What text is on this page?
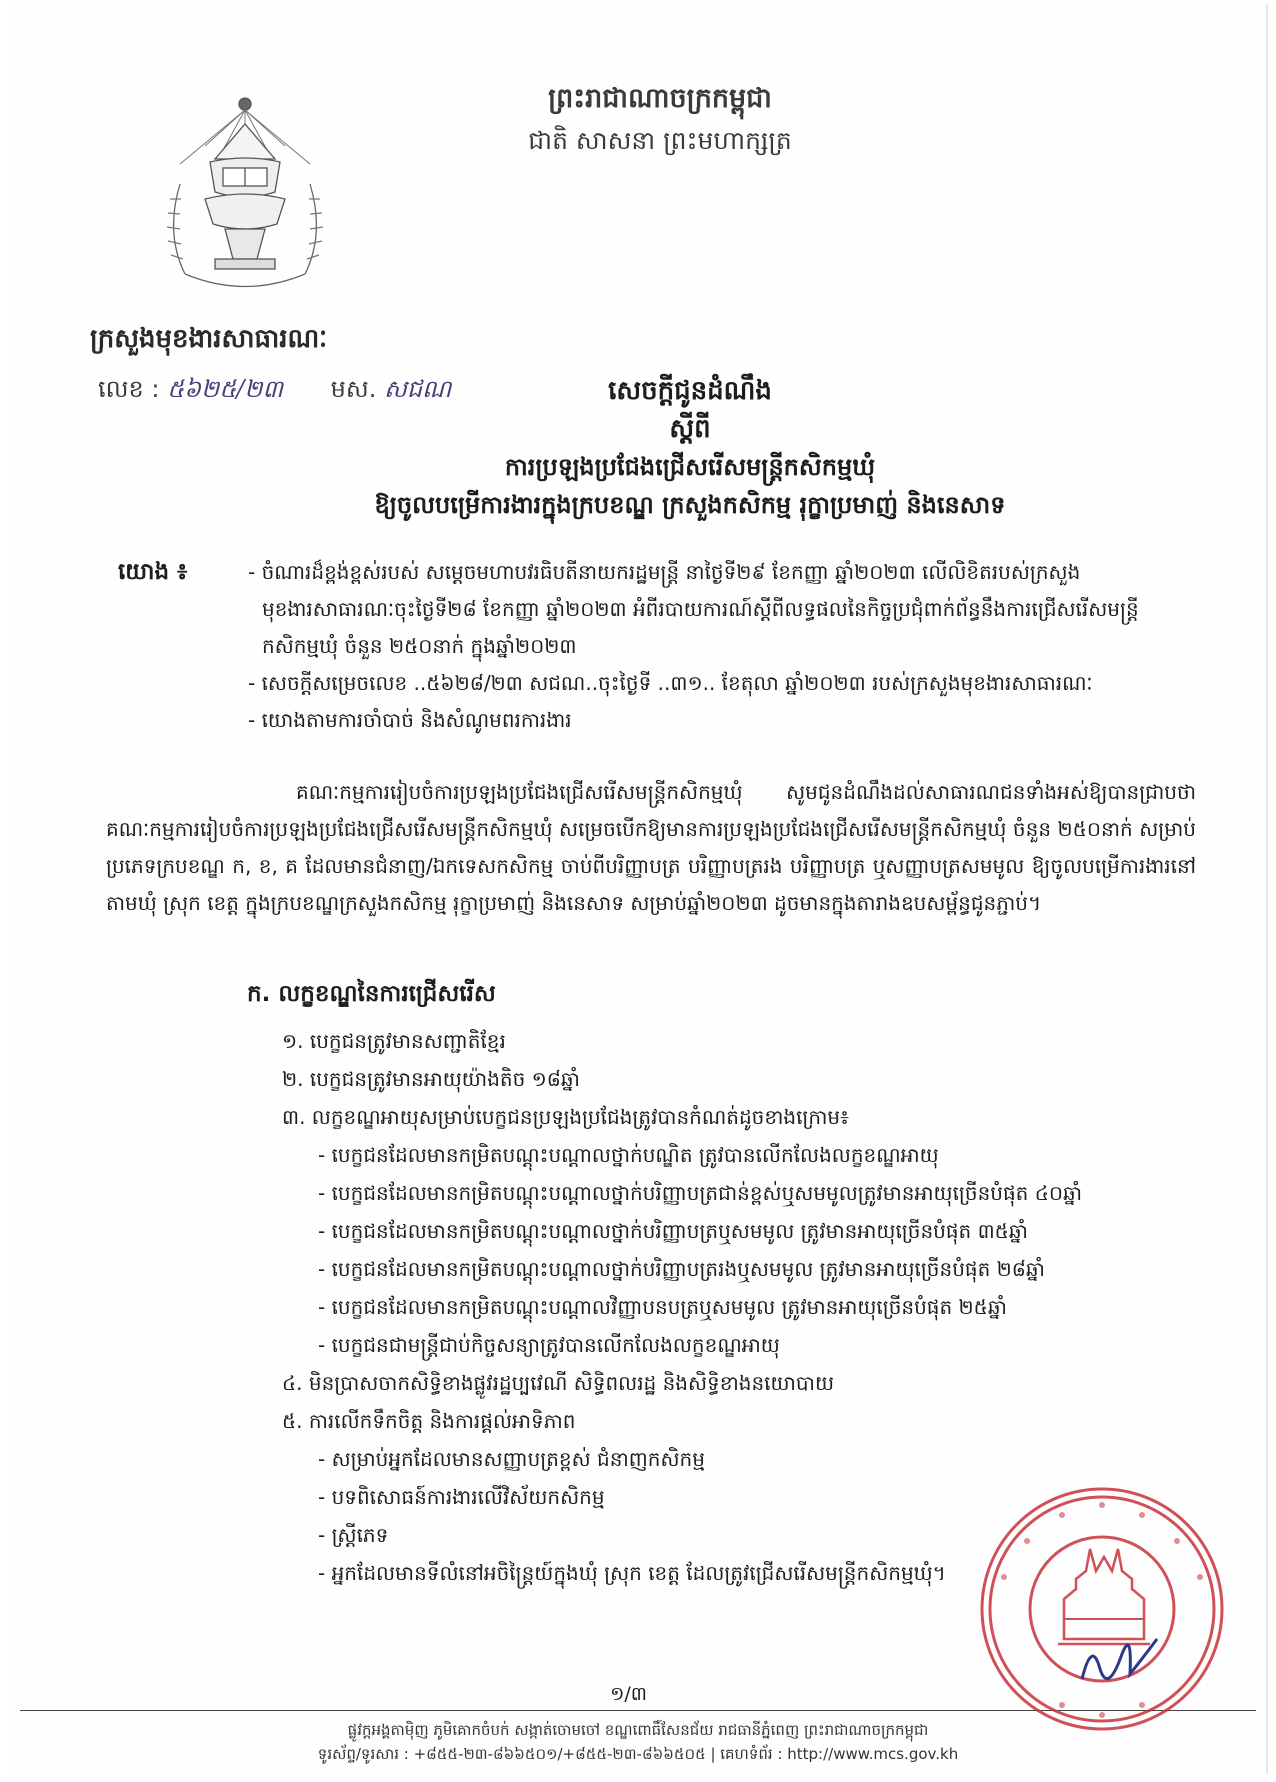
ព្រះរាជាណាចក្រកម្ពុជា
ជាតិ សាសនា ព្រះមហាក្សត្រ
ក្រសួងមុខងារសាធារណៈ
លេខ : ៥៦២៥/២៣ មស. សជណ	សេចក្តីជូនដំណឹង
ស្តីពី
ការប្រឡងប្រជែងជ្រើសរើសមន្ត្រីកសិកម្មឃុំ
ឱ្យចូលបម្រើការងារក្នុងក្របខណ្ឌ ក្រសួងកសិកម្ម រុក្ខាប្រមាញ់ និងនេសាទ
យោង ៖	- ចំណារដ៏ខ្ពង់ខ្ពស់របស់ សម្តេចមហាបវរធិបតីនាយករដ្ឋមន្ត្រី នាថ្ងៃទី២៩ ខែកញ្ញា ឆ្នាំ២០២៣ លើលិខិតរបស់ក្រសួងមុខងារសាធារណៈចុះថ្ងៃទី២៨ ខែកញ្ញា ឆ្នាំ២០២៣ អំពីរបាយការណ៍ស្តីពីលទ្ធផលនៃកិច្ចប្រជុំពាក់ព័ន្ធនឹងការជ្រើសរើសមន្ត្រីកសិកម្មឃុំ ចំនួន ២៥០នាក់ ក្នុងឆ្នាំ២០២៣
- សេចក្តីសម្រេចលេខ ..៥៦២៨/២៣ សជណ..ចុះថ្ងៃទី ..៣១.. ខែតុលា ឆ្នាំ២០២៣ របស់ក្រសួងមុខងារសាធារណៈ
- យោងតាមការចាំបាច់ និងសំណូមពរការងារ
គណៈកម្មការរៀបចំការប្រឡងប្រជែងជ្រើសរើសមន្ត្រីកសិកម្មឃុំ សូមជូនដំណឹងដល់សាធារណជនទាំងអស់ឱ្យបានជ្រាបថា គណៈកម្មការរៀបចំការប្រឡងប្រជែងជ្រើសរើសមន្ត្រីកសិកម្មឃុំ សម្រេចបើកឱ្យមានការប្រឡងប្រជែងជ្រើសរើសមន្ត្រីកសិកម្មឃុំ ចំនួន ២៥០នាក់ សម្រាប់ប្រភេទក្របខណ្ឌ ក, ខ, គ ដែលមានជំនាញ/ឯកទេសកសិកម្ម ចាប់ពីបរិញ្ញាបត្រ បរិញ្ញាបត្ររង បរិញ្ញាបត្រ ឬសញ្ញាបត្រសមមូល ឱ្យចូលបម្រើការងារនៅតាមឃុំ ស្រុក ខេត្ត ក្នុងក្របខណ្ឌក្រសួងកសិកម្ម រុក្ខាប្រមាញ់ និងនេសាទ សម្រាប់ឆ្នាំ២០២៣ ដូចមានក្នុងតារាងឧបសម្ព័ន្ធជូនភ្ជាប់។
ក. លក្ខខណ្ឌនៃការជ្រើសរើស
១. បេក្ខជនត្រូវមានសញ្ជាតិខ្មែរ
២. បេក្ខជនត្រូវមានអាយុយ៉ាងតិច ១៨ឆ្នាំ
៣. លក្ខខណ្ឌអាយុសម្រាប់បេក្ខជនប្រឡងប្រជែងត្រូវបានកំណត់ដូចខាងក្រោម៖
- បេក្ខជនដែលមានកម្រិតបណ្តុះបណ្តាលថ្នាក់បណ្ឌិត ត្រូវបានលើកលែងលក្ខខណ្ឌអាយុ
- បេក្ខជនដែលមានកម្រិតបណ្តុះបណ្តាលថ្នាក់បរិញ្ញាបត្រជាន់ខ្ពស់ឬសមមូលត្រូវមានអាយុច្រើនបំផុត ៤០ឆ្នាំ
- បេក្ខជនដែលមានកម្រិតបណ្តុះបណ្តាលថ្នាក់បរិញ្ញាបត្រឬសមមូល ត្រូវមានអាយុច្រើនបំផុត ៣៥ឆ្នាំ
- បេក្ខជនដែលមានកម្រិតបណ្តុះបណ្តាលថ្នាក់បរិញ្ញាបត្ររងឬសមមូល ត្រូវមានអាយុច្រើនបំផុត ២៨ឆ្នាំ
- បេក្ខជនដែលមានកម្រិតបណ្តុះបណ្តាលវិញ្ញាបនបត្រឬសមមូល ត្រូវមានអាយុច្រើនបំផុត ២៥ឆ្នាំ
- បេក្ខជនជាមន្ត្រីជាប់កិច្ចសន្យាត្រូវបានលើកលែងលក្ខខណ្ឌអាយុ
៤. មិនប្រាសចាកសិទ្ធិខាងផ្លូវរដ្ឋប្បវេណី សិទ្ធិពលរដ្ឋ និងសិទ្ធិខាងនយោបាយ
៥. ការលើកទឹកចិត្ត និងការផ្តល់អាទិភាព
- សម្រាប់អ្នកដែលមានសញ្ញាបត្រខ្ពស់ ជំនាញកសិកម្ម
- បទពិសោធន៍ការងារលើវិស័យកសិកម្ម
- ស្ត្រីភេទ
- អ្នកដែលមានទីលំនៅអចិន្ត្រៃយ៍ក្នុងឃុំ ស្រុក ខេត្ត ដែលត្រូវជ្រើសរើសមន្ត្រីកសិកម្មឃុំ។
១/៣
ផ្លូវក្តអង្គតាម៉ិញ ភូមិគោកចំបក់ សង្កាត់ចោមចៅ ខណ្ឌពោធិ៍សែនជ័យ រាជធានីភ្នំពេញ ព្រះរាជាណាចក្រកម្ពុជា
ទូរស័ព្ទ/ទូរសារ : +៨៥៥-២៣-៨៦៦៥០១/+៨៥៥-២៣-៨៦៦៥០៥ | គេហទំព័រ : http://www.mcs.gov.kh
